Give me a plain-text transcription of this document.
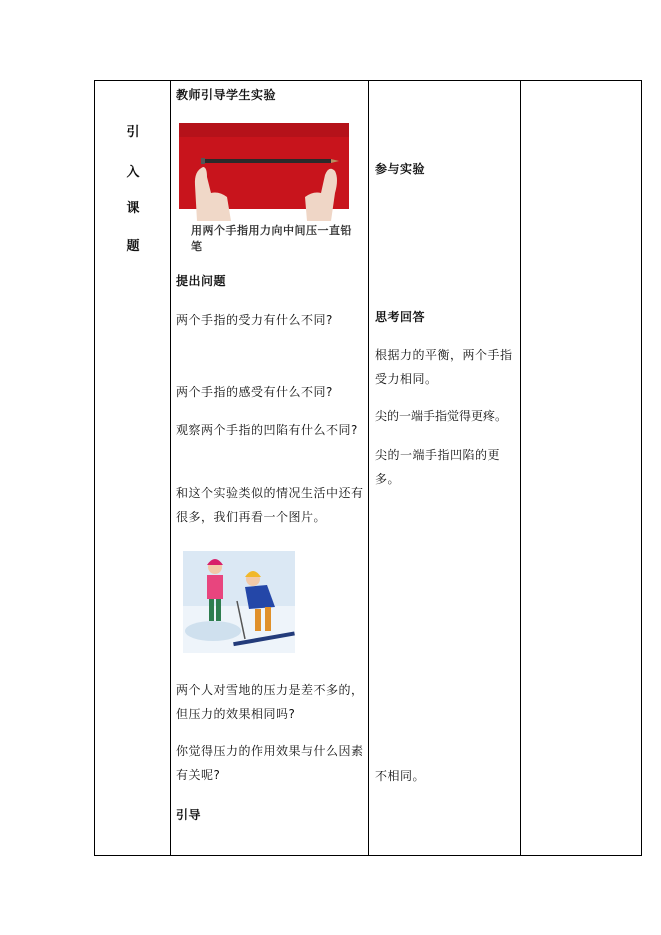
引
入
课
题
教师引导学生实验
用两个手指用力向中间压一直铅笔
提出问题
两个手指的受力有什么不同?
两个手指的感受有什么不同?
观察两个手指的凹陷有什么不同?
和这个实验类似的情况生活中还有很多，我们再看一个图片。
两个人对雪地的压力是差不多的，但压力的效果相同吗?
你觉得压力的作用效果与什么因素有关呢?
引导
参与实验
思考回答
根据力的平衡，两个手指受力相同。
尖的一端手指觉得更疼。
尖的一端手指凹陷的更多。
不相同。
